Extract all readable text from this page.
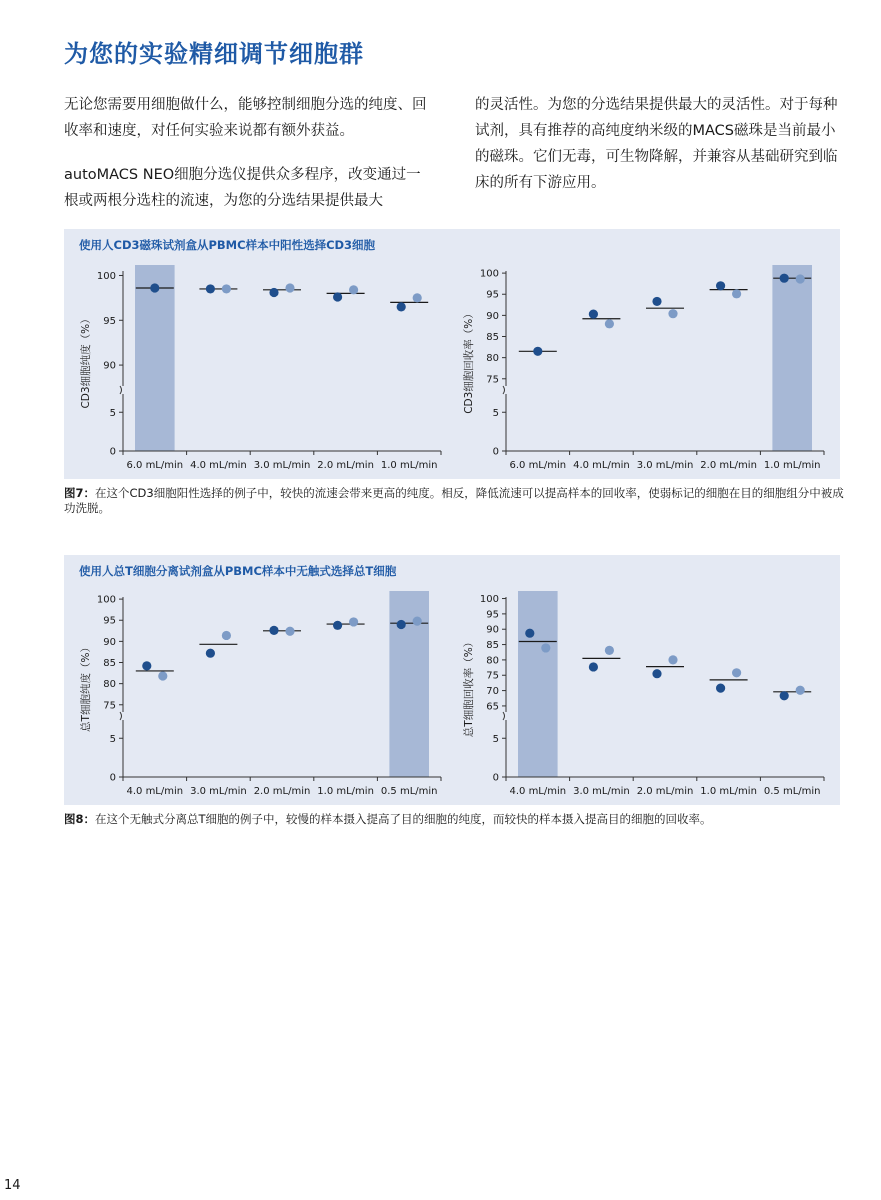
为您的实验精细调节细胞群

无论您需要用细胞做什么，能够控制细胞分选的纯度、回收率和速度，对任何实验来说都有额外获益。

autoMACS NEO细胞分选仪提供众多程序，改变通过一根或两根分选柱的流速，为您的分选结果提供最大

的灵活性。为您的分选结果提供最大的灵活性。对于每种试剂，具有推荐的高纯度纳米级的MACS磁珠是当前最小的磁珠。它们无毒，可生物降解，并兼容从基础研究到临床的所有下游应用。

使用人CD3磁珠试剂盒从PBMC样本中阳性选择CD3细胞

90
95
100
0
5
6.0 mL/min 4.0 mL/min 3.0 mL/min 2.0 mL/min 1.0 mL/min
CD3细胞纯度（%）	75
80
85
90
95
100
0
5
6.0 mL/min 4.0 mL/min 3.0 mL/min 2.0 mL/min 1.0 mL/min
CD3细胞回收率（%）
图7：在这个CD3细胞阳性选择的例子中，较快的流速会带来更高的纯度。相反，降低流速可以提高样本的回收率，使弱标记的细胞在目的细胞组分中被成功洗脱。

使用人总T细胞分离试剂盒从PBMC样本中无触式选择总T细胞

75
80
85
90
95
100
0
5
4.0 mL/min 3.0 mL/min 2.0 mL/min 1.0 mL/min 0.5 mL/min
总T细胞纯度（%）	65
70
75
80
85
90
95
100
0
5
4.0 mL/min 3.0 mL/min 2.0 mL/min 1.0 mL/min 0.5 mL/min
总T细胞回收率（%）
图8：在这个无触式分离总T细胞的例子中，较慢的样本摄入提高了目的细胞的纯度，而较快的样本摄入提高目的细胞的回收率。
14
